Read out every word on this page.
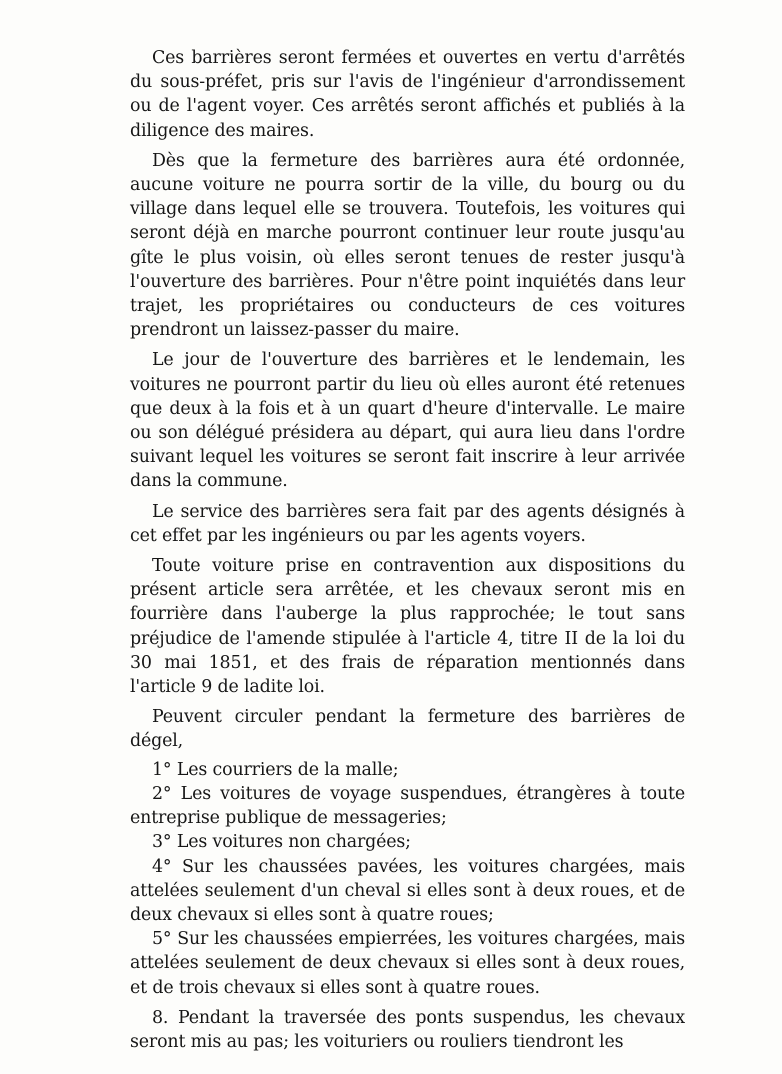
Ces barrières seront fermées et ouvertes en vertu d'arrêtés du sous-préfet, pris sur l'avis de l'ingénieur d'arrondissement ou de l'agent voyer. Ces arrêtés seront affichés et publiés à la diligence des maires.

Dès que la fermeture des barrières aura été ordonnée, aucune voiture ne pourra sortir de la ville, du bourg ou du village dans lequel elle se trouvera. Toutefois, les voitures qui seront déjà en marche pourront continuer leur route jusqu'au gîte le plus voisin, où elles seront tenues de rester jusqu'à l'ouverture des barrières. Pour n'être point inquiétés dans leur trajet, les propriétaires ou conducteurs de ces voitures prendront un laissez-passer du maire.

Le jour de l'ouverture des barrières et le lendemain, les voitures ne pourront partir du lieu où elles auront été retenues que deux à la fois et à un quart d'heure d'intervalle. Le maire ou son délégué présidera au départ, qui aura lieu dans l'ordre suivant lequel les voitures se seront fait inscrire à leur arrivée dans la commune.

Le service des barrières sera fait par des agents désignés à cet effet par les ingénieurs ou par les agents voyers.

Toute voiture prise en contravention aux dispositions du présent article sera arrêtée, et les chevaux seront mis en fourrière dans l'auberge la plus rapprochée; le tout sans préjudice de l'amende stipulée à l'article 4, titre II de la loi du 30 mai 1851, et des frais de réparation mentionnés dans l'article 9 de ladite loi.

Peuvent circuler pendant la fermeture des barrières de dégel,

1° Les courriers de la malle;

2° Les voitures de voyage suspendues, étrangères à toute entreprise publique de messageries;

3° Les voitures non chargées;

4° Sur les chaussées pavées, les voitures chargées, mais attelées seulement d'un cheval si elles sont à deux roues, et de deux chevaux si elles sont à quatre roues;

5° Sur les chaussées empierrées, les voitures chargées, mais attelées seulement de deux chevaux si elles sont à deux roues, et de trois chevaux si elles sont à quatre roues.

8. Pendant la traversée des ponts suspendus, les chevaux seront mis au pas; les voituriers ou rouliers tiendront les
